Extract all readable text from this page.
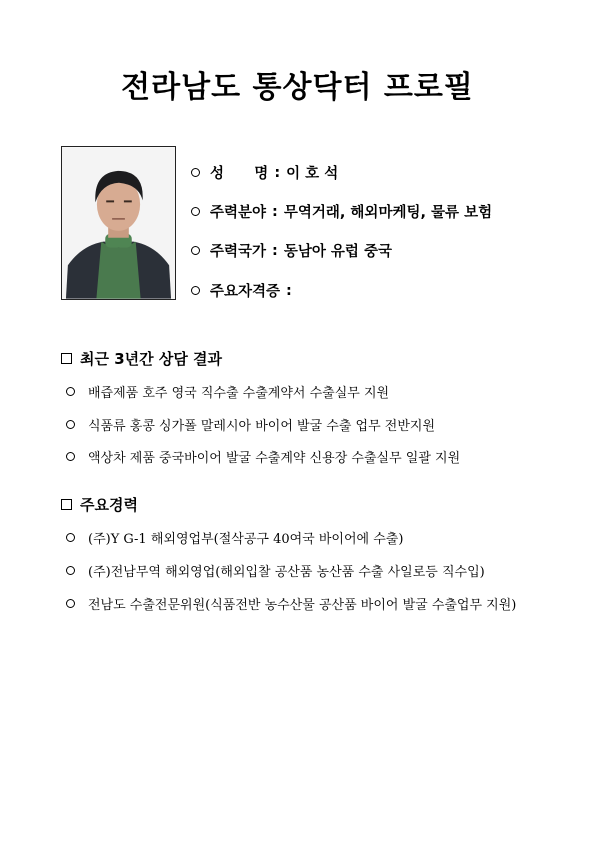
전라남도 통상닥터 프로필
성      명 : 이 호 석
주력분야 : 무역거래, 해외마케팅, 물류 보험
주력국가 : 동남아 유럽 중국
주요자격증 :
최근 3년간 상담 결과
배즙제품 호주 영국 직수출 수출계약서 수출실무 지원
식품류 홍콩 싱가폴 말레시아 바이어 발굴 수출 업무 전반지원
액상차 제품 중국바이어 발굴 수출계약 신용장 수출실무 일괄 지원
주요경력
(주)Y G-1 해외영업부(절삭공구 40여국 바이어에 수출)
(주)전남무역 해외영업(해외입찰 공산품 농산품 수출 사일로등 직수입)
전남도 수출전문위원(식품전반 농수산물 공산품 바이어 발굴 수출업무 지원)
